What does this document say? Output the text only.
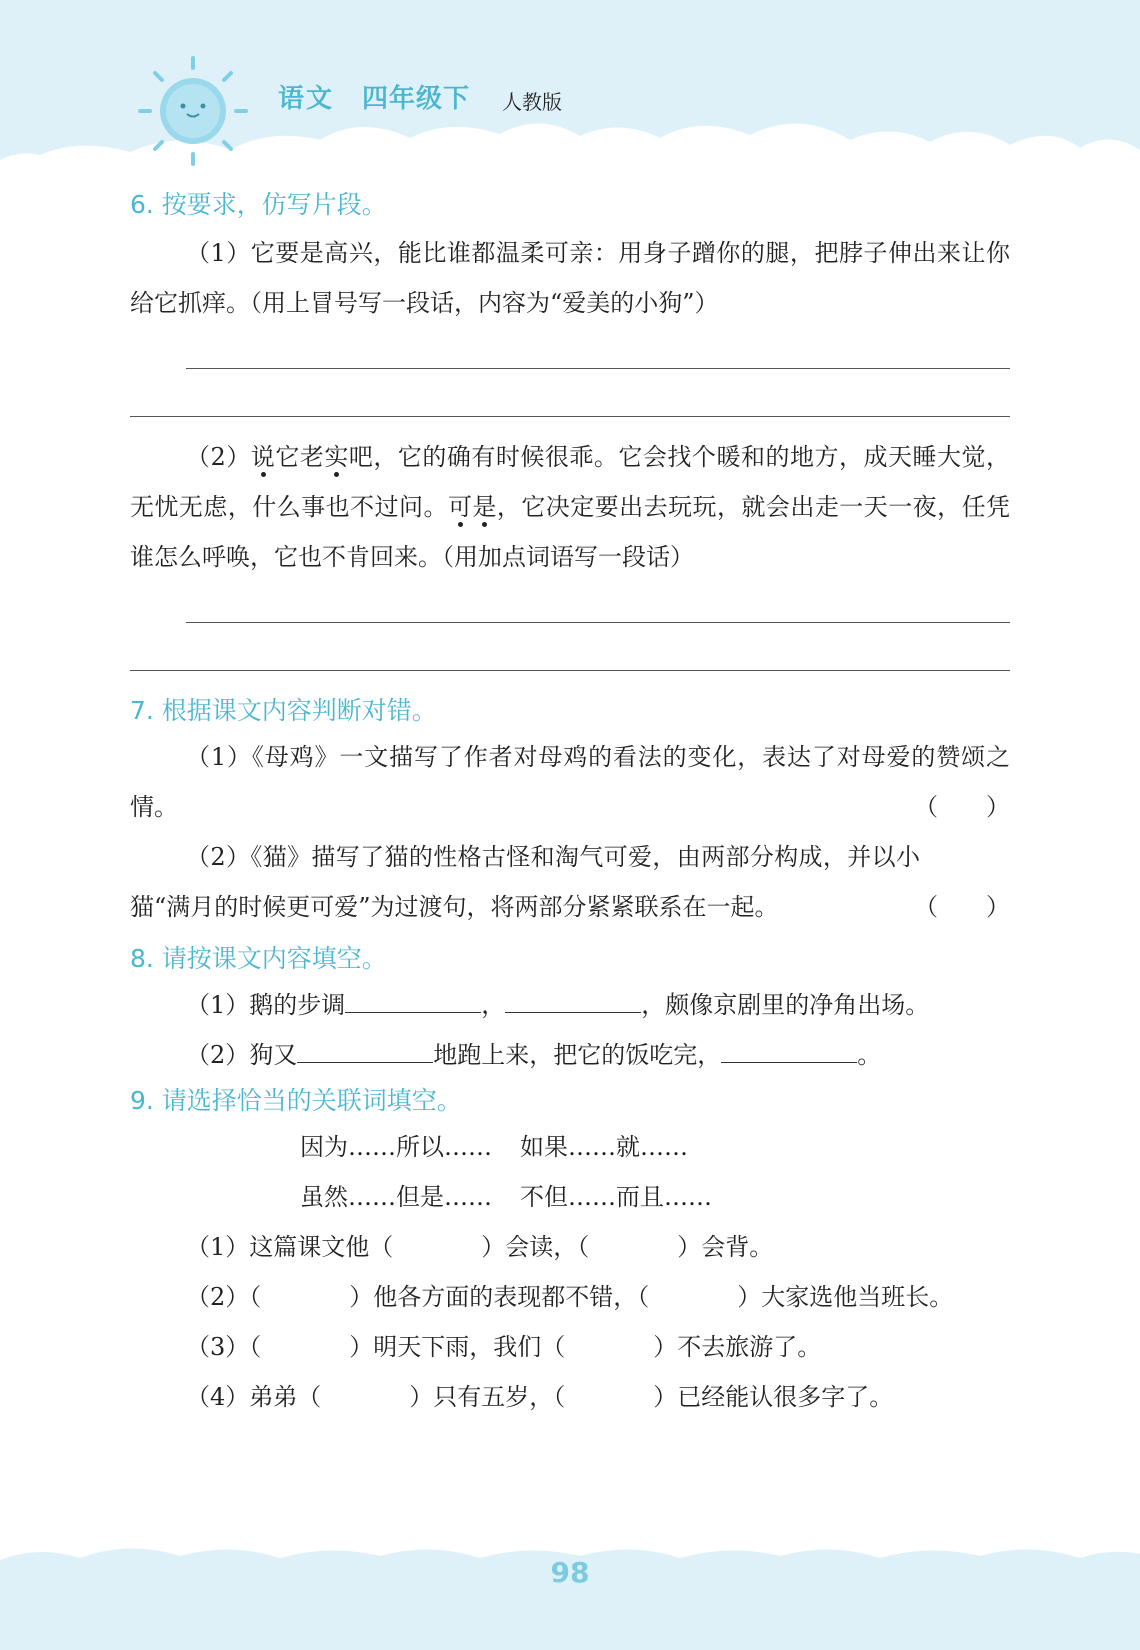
语文 四年级下 人教版

6. 按要求，仿写片段。

（1）它要是高兴，能比谁都温柔可亲：用身子蹭你的腿，把脖子伸出来让你给它抓痒。（用上冒号写一段话，内容为“爱美的小狗”）

（2）说它老实吧，它的确有时候很乖。它会找个暖和的地方，成天睡大觉，无忧无虑，什么事也不过问。可是，它决定要出去玩玩，就会出走一天一夜，任凭谁怎么呼唤，它也不肯回来。（用加点词语写一段话）

7. 根据课文内容判断对错。

（1）《母鸡》一文描写了作者对母鸡的看法的变化，表达了对母爱的赞颂之情。	（　　）

（2）《猫》描写了猫的性格古怪和淘气可爱，由两部分构成，并以小猫“满月的时候更可爱”为过渡句，将两部分紧紧联系在一起。	（　　）

8. 请按课文内容填空。

（1）鹅的步调	，	，颇像京剧里的净角出场。
（2）狗又	地跑上来，把它的饭吃完，	。

9. 请选择恰当的关联词填空。

因为……所以…… 如果……就……
虽然……但是…… 不但……而且……
（1）这篇课文他（	）会读，（	）会背。
（2）（	）他各方面的表现都不错，（	）大家选他当班长。
（3）（	）明天下雨，我们（	）不去旅游了。
（4）弟弟（	）只有五岁，（	）已经能认很多字了。
98
